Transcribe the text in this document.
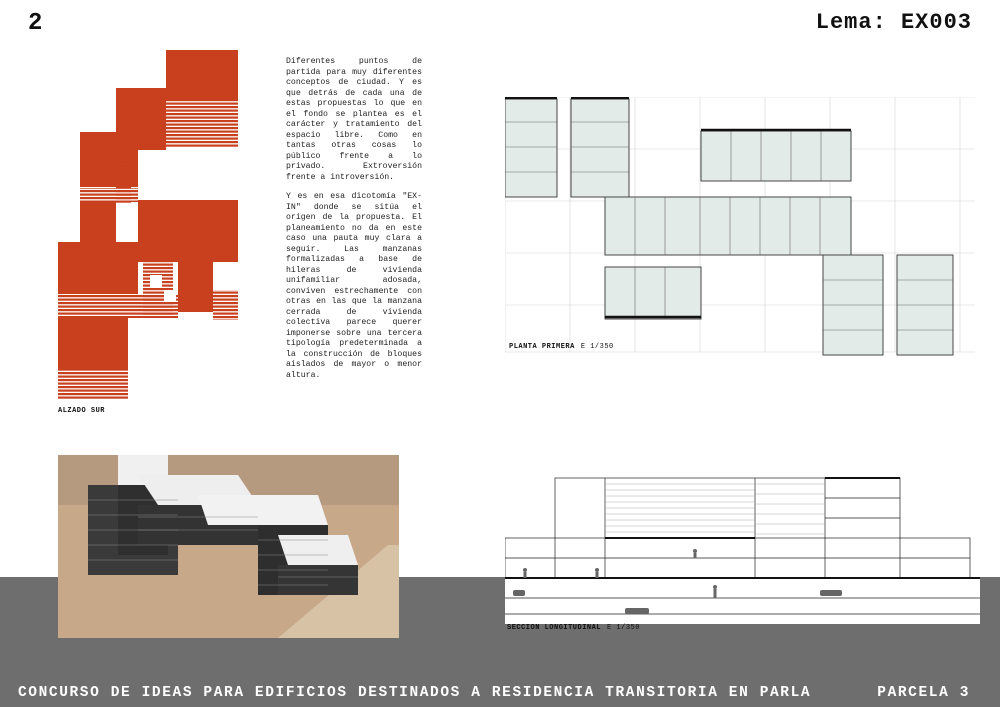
2	Lema: EX003
ALZADO SUR

Diferentes puntos de partida para muy diferentes conceptos de ciudad. Y es que detrás de cada una de estas propuestas lo que en el fondo se plantea es el carácter y tratamiento del espacio libre. Como en tantas otras cosas lo público frente a lo privado. Extroversión frente a introversión.

Y es en esa dicotomía "EX-IN" donde se sitúa el origen de la propuesta. El planeamiento no da en este caso una pauta muy clara a seguir. Las manzanas formalizadas a base de hileras de vivienda unifamiliar adosada, conviven estrechamente con otras en las que la manzana cerrada de vivienda colectiva parece querer imponerse sobre una tercera tipología predeterminada a la construcción de bloques aislados de mayor o menor altura.

PLANTA PRIMERA E 1/350
SECCION LONGITUDINAL E 1/350
CONCURSO DE IDEAS PARA EDIFICIOS DESTINADOS A RESIDENCIA TRANSITORIA EN PARLA	PARCELA 3
